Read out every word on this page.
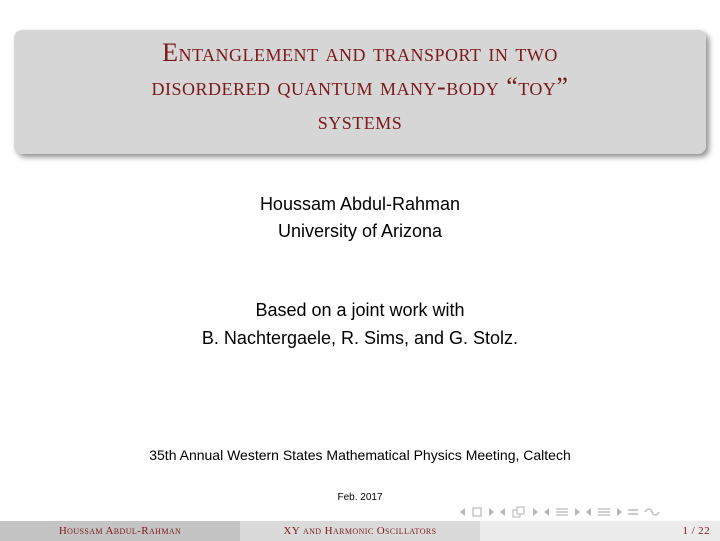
Entanglement and transport in two
disordered quantum many-body “toy”
systems
Houssam Abdul-Rahman
University of Arizona
Based on a joint work with
B. Nachtergaele, R. Sims, and G. Stolz.
35th Annual Western States Mathematical Physics Meeting, Caltech
Feb. 2017
Houssam Abdul-Rahman	XY and Harmonic Oscillators	1 / 22
